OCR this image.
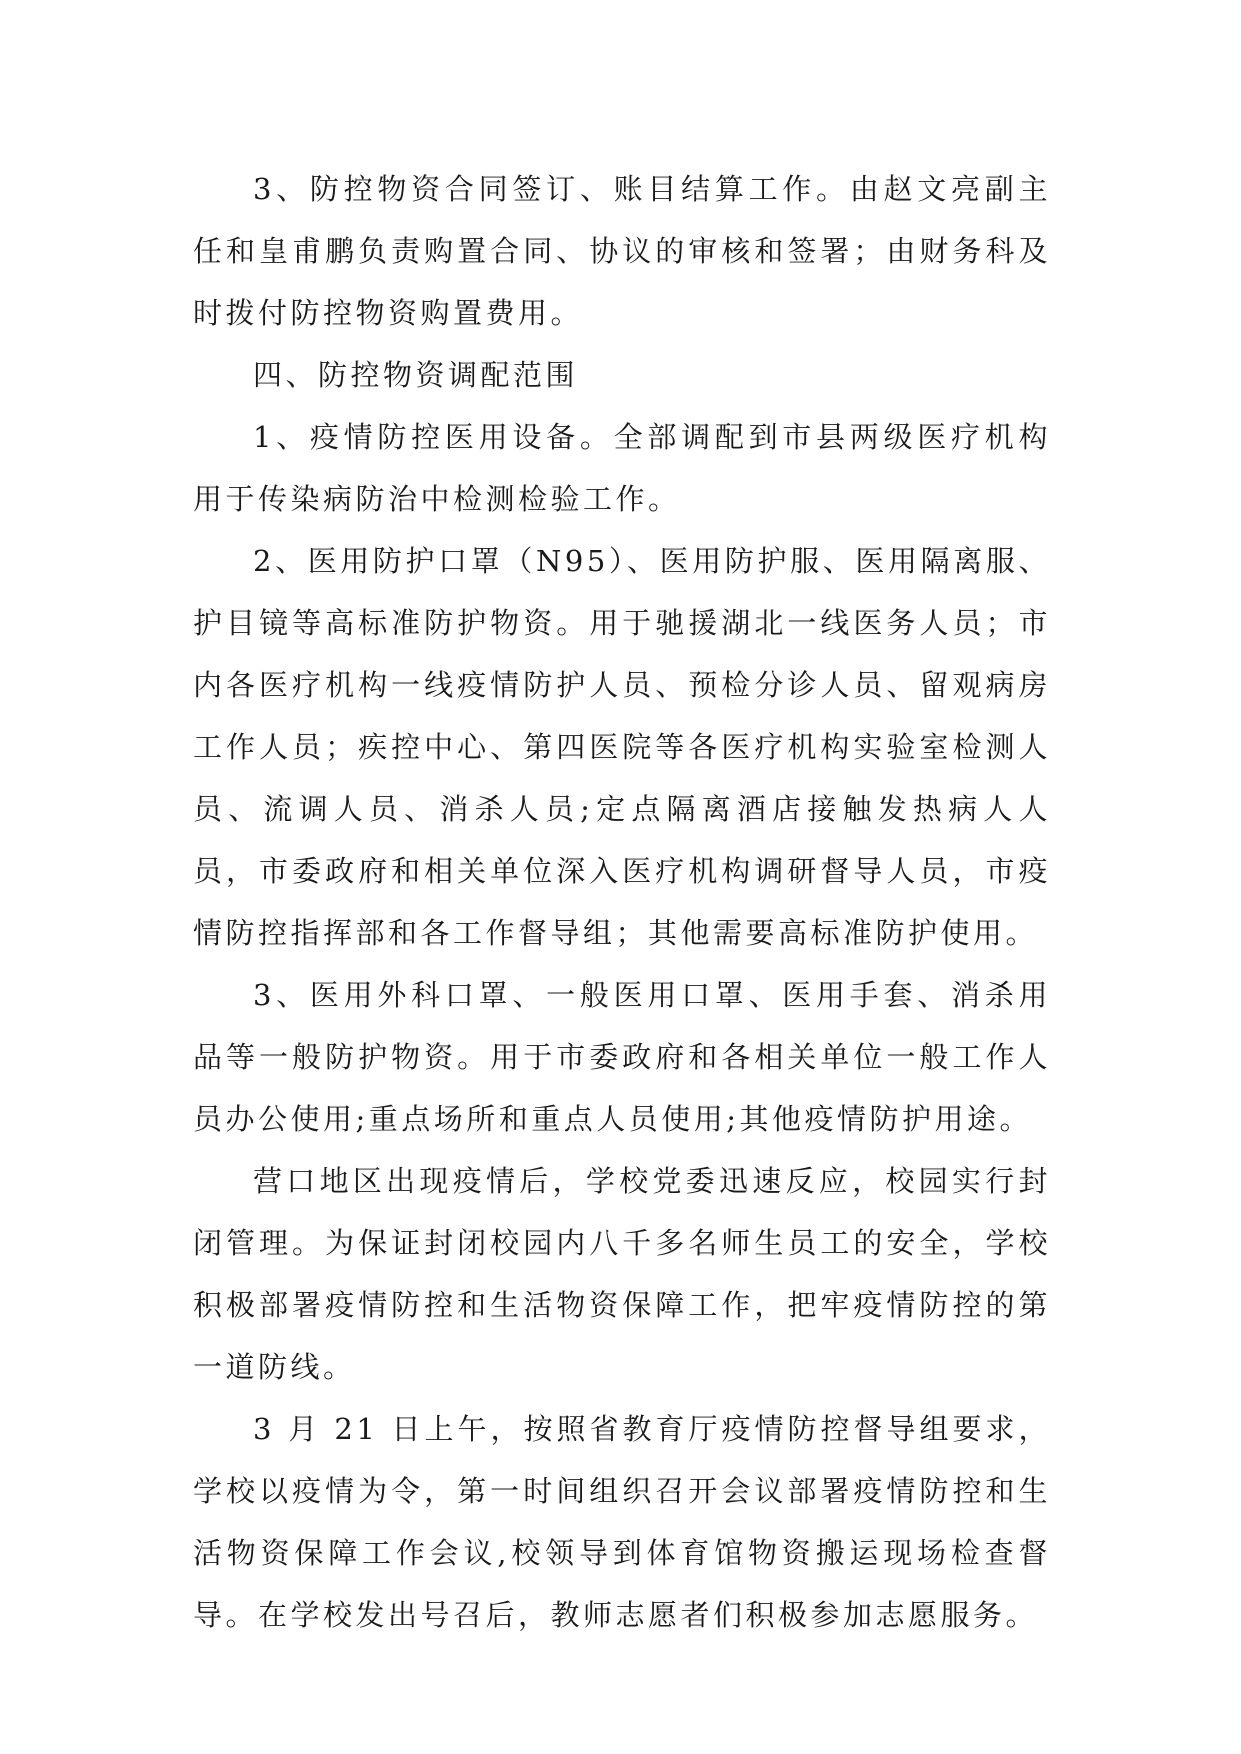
3、防控物资合同签订、账目结算工作。由赵文亮副主任和皇甫鹏负责购置合同、协议的审核和签署；由财务科及时拨付防控物资购置费用。

四、防控物资调配范围

1、疫情防控医用设备。全部调配到市县两级医疗机构用于传染病防治中检测检验工作。

2、医用防护口罩（N95）、医用防护服、医用隔离服、护目镜等高标准防护物资。用于驰援湖北一线医务人员；市内各医疗机构一线疫情防护人员、预检分诊人员、留观病房工作人员；疾控中心、第四医院等各医疗机构实验室检测人员、流调人员、消杀人员;定点隔离酒店接触发热病人人员，市委政府和相关单位深入医疗机构调研督导人员，市疫情防控指挥部和各工作督导组；其他需要高标准防护使用。

3、医用外科口罩、一般医用口罩、医用手套、消杀用品等一般防护物资。用于市委政府和各相关单位一般工作人员办公使用;重点场所和重点人员使用;其他疫情防护用途。

营口地区出现疫情后，学校党委迅速反应，校园实行封闭管理。为保证封闭校园内八千多名师生员工的安全，学校积极部署疫情防控和生活物资保障工作，把牢疫情防控的第一道防线。

3 月 21 日上午，按照省教育厅疫情防控督导组要求，学校以疫情为令，第一时间组织召开会议部署疫情防控和生活物资保障工作会议,校领导到体育馆物资搬运现场检查督导。在学校发出号召后，教师志愿者们积极参加志愿服务。
